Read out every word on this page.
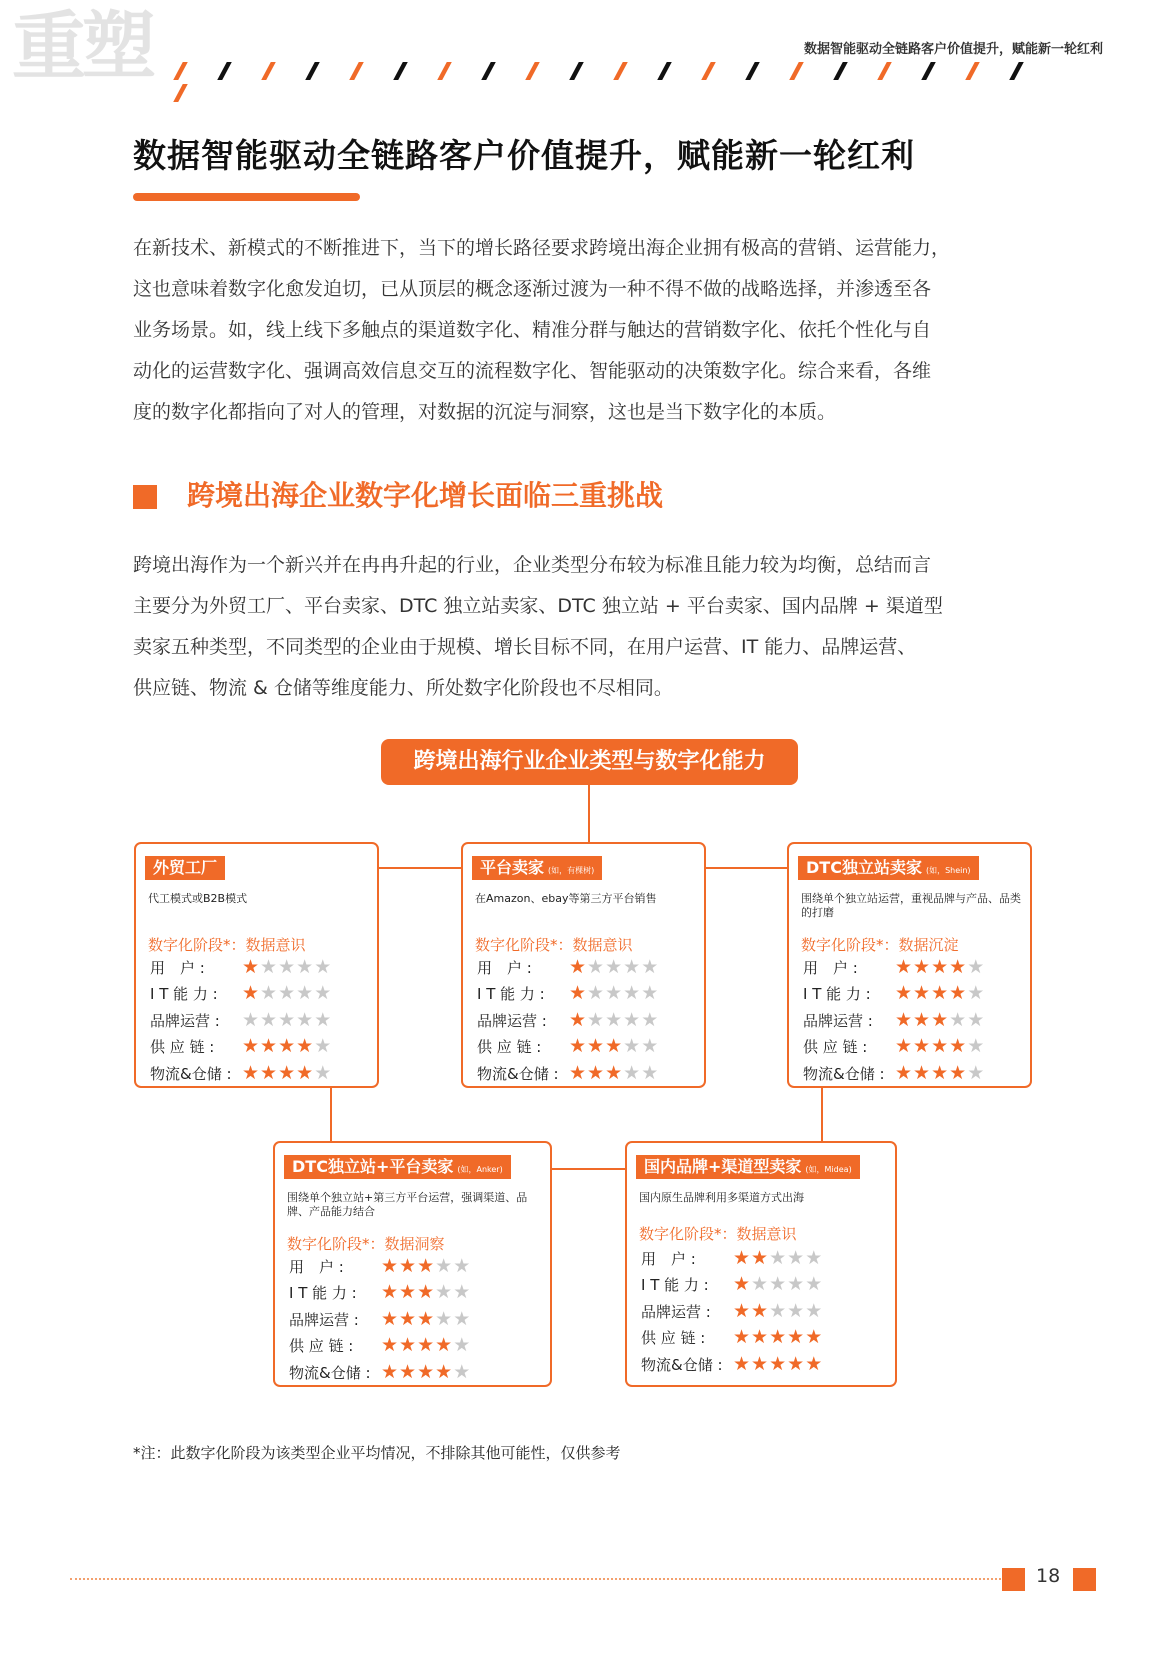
重塑	数据智能驱动全链路客户价值提升，赋能新一轮红利
数据智能驱动全链路客户价值提升，赋能新一轮红利

在新技术、新模式的不断推进下，当下的增长路径要求跨境出海企业拥有极高的营销、运营能力，

这也意味着数字化愈发迫切，已从顶层的概念逐渐过渡为一种不得不做的战略选择，并渗透至各

业务场景。如，线上线下多触点的渠道数字化、精准分群与触达的营销数字化、依托个性化与自

动化的运营数字化、强调高效信息交互的流程数字化、智能驱动的决策数字化。综合来看，各维

度的数字化都指向了对人的管理，对数据的沉淀与洞察，这也是当下数字化的本质。

跨境出海企业数字化增长面临三重挑战

跨境出海作为一个新兴并在冉冉升起的行业，企业类型分布较为标准且能力较为均衡，总结而言

主要分为外贸工厂、平台卖家、DTC 独立站卖家、DTC 独立站 + 平台卖家、国内品牌 + 渠道型

卖家五种类型，不同类型的企业由于规模、增长目标不同，在用户运营、IT 能力、品牌运营、

供应链、物流 & 仓储等维度能力、所处数字化阶段也不尽相同。

跨境出海行业企业类型与数字化能力
外贸工厂
代工模式或B2B模式
数字化阶段*：数据意识
用　户 :	★★★★★
I T 能 力 :	★★★★★
品牌运营 :	★★★★★
供 应 链 :	★★★★★
物流&仓储 : ★★★★★
平台卖家 (如，有棵树)
在Amazon、ebay等第三方平台销售
数字化阶段*：数据意识
用　户 :	★★★★★
I T 能 力 :	★★★★★
品牌运营 :	★★★★★
供 应 链 :	★★★★★
物流&仓储 : ★★★★★
DTC独立站卖家 (如，Shein)
围绕单个独立站运营，重视品牌与产品、品类的打磨
数字化阶段*：数据沉淀
用　户 :	★★★★★
I T 能 力 :	★★★★★
品牌运营 :	★★★★★
供 应 链 :	★★★★★
物流&仓储 : ★★★★★
DTC独立站+平台卖家 (如，Anker)
围绕单个独立站+第三方平台运营，强调渠道、品牌、产品能力结合
数字化阶段*：数据洞察
用　户 :	★★★★★
I T 能 力 :	★★★★★
品牌运营 :	★★★★★
供 应 链 :	★★★★★
物流&仓储 : ★★★★★
国内品牌+渠道型卖家 (如，Midea)
国内原生品牌利用多渠道方式出海
数字化阶段*：数据意识
用　户 :	★★★★★
I T 能 力 :	★★★★★
品牌运营 :	★★★★★
供 应 链 :	★★★★★
物流&仓储 : ★★★★★
*注：此数字化阶段为该类型企业平均情况，不排除其他可能性，仅供参考
18
